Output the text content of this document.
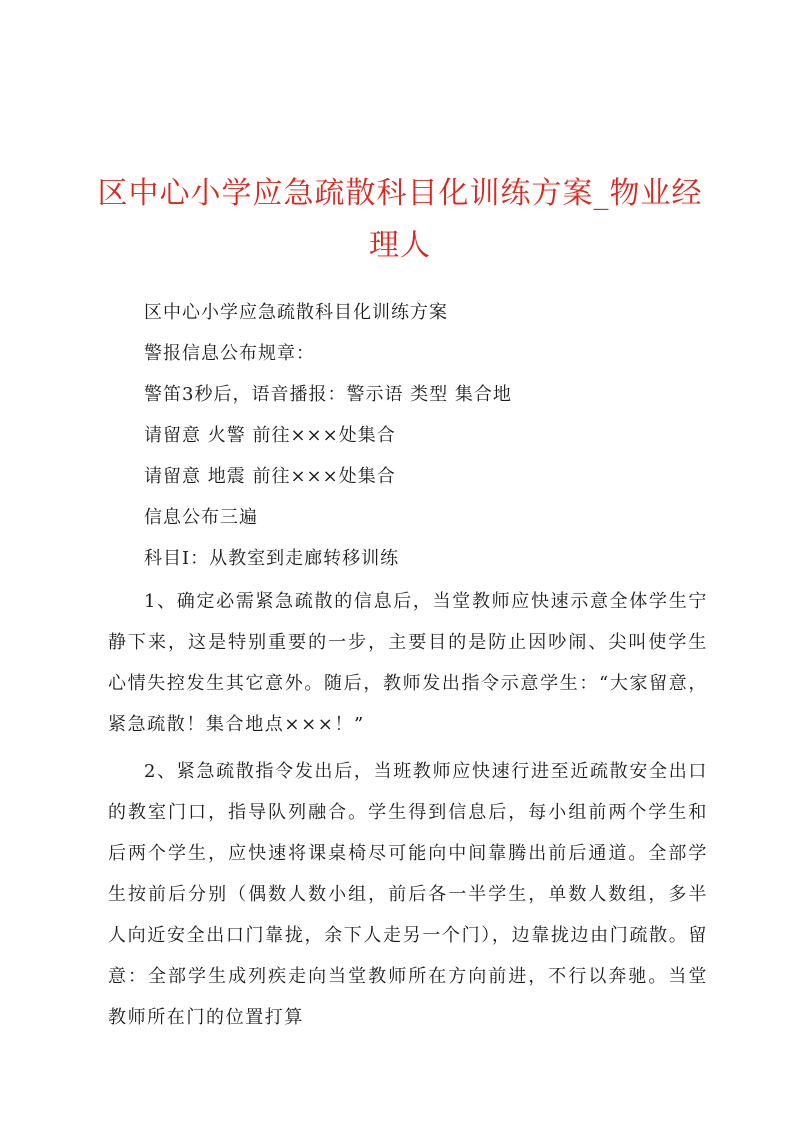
区中心小学应急疏散科目化训练方案_物业经理人

区中心小学应急疏散科目化训练方案

警报信息公布规章：

警笛3秒后，语音播报：警示语 类型 集合地

请留意 火警 前往×××处集合

请留意 地震 前往×××处集合

信息公布三遍

科目Ⅰ：从教室到走廊转移训练

1、确定必需紧急疏散的信息后，当堂教师应快速示意全体学生宁静下来，这是特别重要的一步，主要目的是防止因吵闹、尖叫使学生心情失控发生其它意外。随后，教师发出指令示意学生：“大家留意，紧急疏散！集合地点×××！”

2、紧急疏散指令发出后，当班教师应快速行进至近疏散安全出口的教室门口，指导队列融合。学生得到信息后，每小组前两个学生和后两个学生，应快速将课桌椅尽可能向中间靠腾出前后通道。全部学生按前后分别（偶数人数小组，前后各一半学生，单数人数组，多半人向近安全出口门靠拢，余下人走另一个门），边靠拢边由门疏散。留意：全部学生成列疾走向当堂教师所在方向前进，不行以奔驰。当堂教师所在门的位置打算
